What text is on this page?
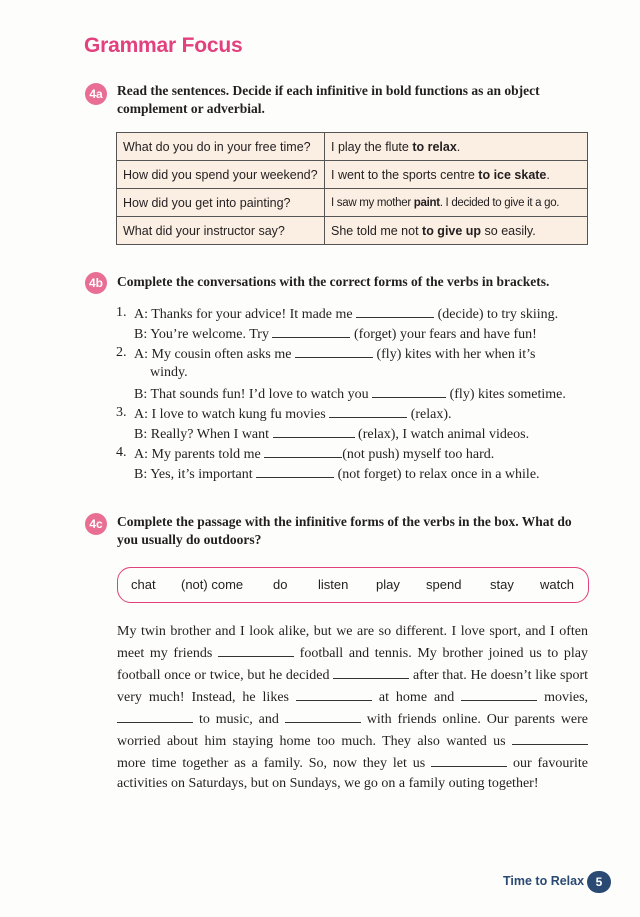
Grammar Focus
4a	Read the sentences. Decide if each infinitive in bold functions as an object complement or adverbial.
What do you do in your free time?	I play the flute to relax.
How did you spend your weekend?	I went to the sports centre to ice skate.
How did you get into painting?	I saw my mother paint. I decided to give it a go.
What did your instructor say?	She told me not to give up so easily.
4b Complete the conversations with the correct forms of the verbs in brackets.
1. A: Thanks for your advice! It made me	(decide) to try skiing.
B: You’re welcome. Try	(forget) your fears and have fun!
2. A: My cousin often asks me	(fly) kites with her when it’s
windy.
B: That sounds fun! I’d love to watch you	(fly) kites sometime.
3. A: I love to watch kung fu movies	(relax).
B: Really? When I want	(relax), I watch animal videos.
4. A: My parents told me	(not push) myself too hard.
B: Yes, it’s important	(not forget) to relax once in a while.
4c	Complete the passage with the infinitive forms of the verbs in the box. What do you usually do outdoors?
chat (not) come do listen play spend stay watch
My twin brother and I look alike, but we are so different. I love sport, and I often meet my friends	football and tennis. My brother joined us to play football once or twice, but he decided	after that. He doesn’t like sport very much! Instead, he likes	at home and	movies,  to music, and	with friends online. Our parents were worried about him staying home too much. They also wanted us  more time together as a family. So, now they let us	our favourite activities on Saturdays, but on Sundays, we go on a family outing together!
Time to Relax 5
